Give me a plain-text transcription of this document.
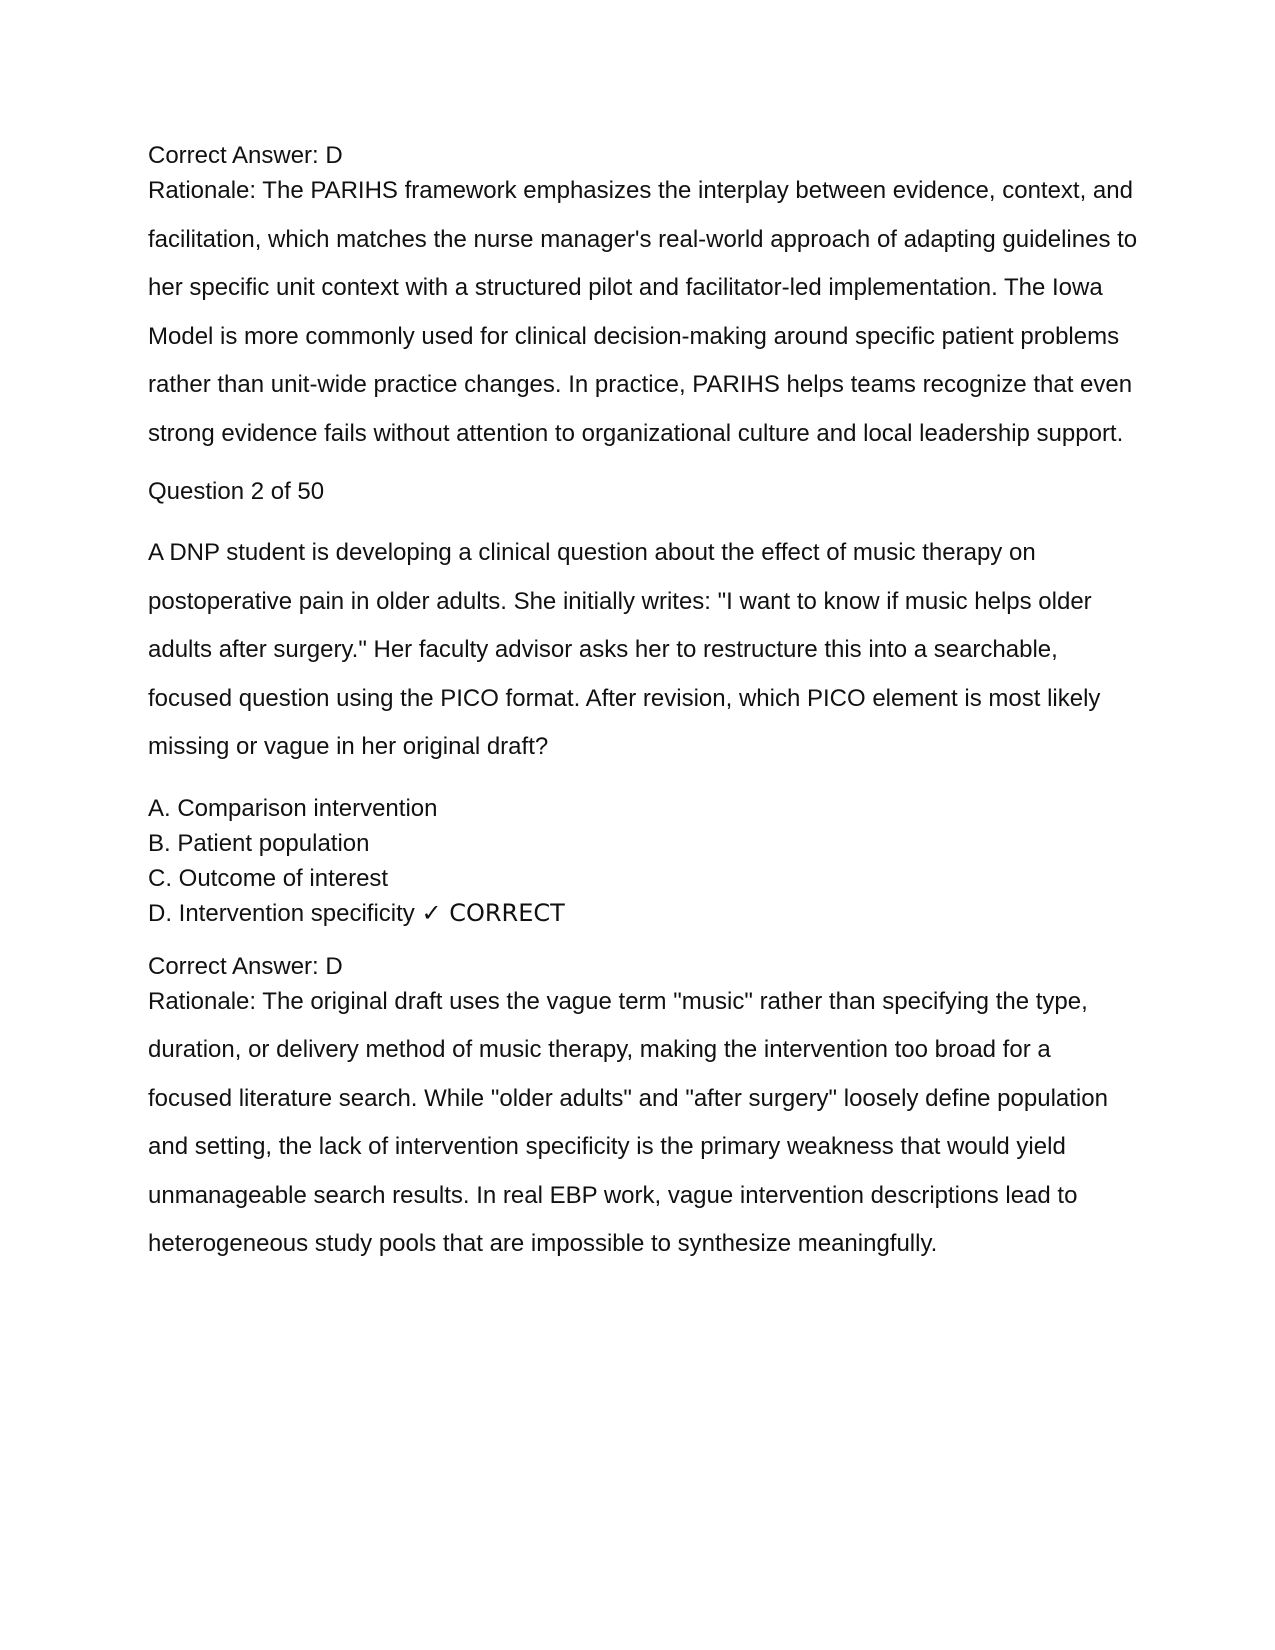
Correct Answer: D

Rationale: The PARIHS framework emphasizes the interplay between evidence, context, and facilitation, which matches the nurse manager's real-world approach of adapting guidelines to her specific unit context with a structured pilot and facilitator-led implementation. The Iowa Model is more commonly used for clinical decision-making around specific patient problems rather than unit-wide practice changes. In practice, PARIHS helps teams recognize that even strong evidence fails without attention to organizational culture and local leadership support.

Question 2 of 50

A DNP student is developing a clinical question about the effect of music therapy on postoperative pain in older adults. She initially writes: "I want to know if music helps older adults after surgery." Her faculty advisor asks her to restructure this into a searchable, focused question using the PICO format. After revision, which PICO element is most likely missing or vague in her original draft?

A. Comparison intervention

B. Patient population

C. Outcome of interest

D. Intervention specificity ✓ CORRECT

Correct Answer: D

Rationale: The original draft uses the vague term "music" rather than specifying the type, duration, or delivery method of music therapy, making the intervention too broad for a focused literature search. While "older adults" and "after surgery" loosely define population and setting, the lack of intervention specificity is the primary weakness that would yield unmanageable search results. In real EBP work, vague intervention descriptions lead to heterogeneous study pools that are impossible to synthesize meaningfully.
